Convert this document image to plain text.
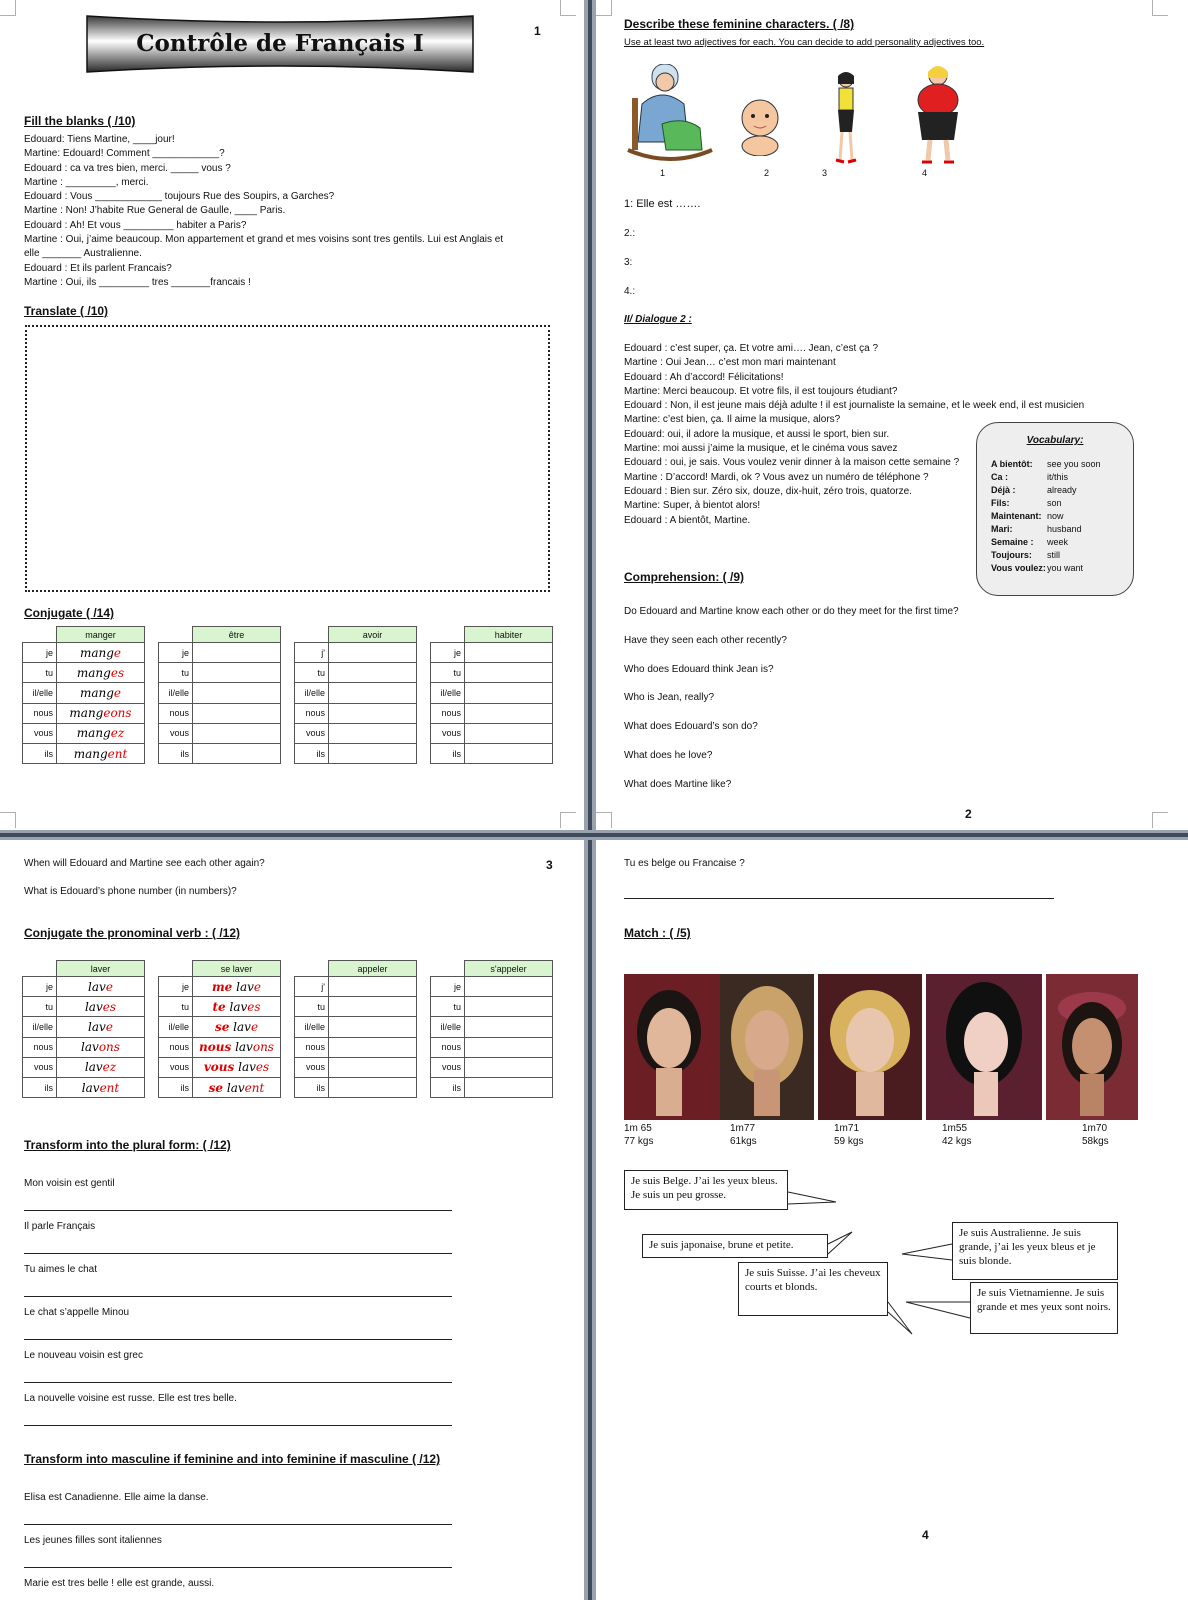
Contrôle de Français I	1
Fill the blanks ( /10)
Edouard: Tiens Martine, ____jour!
Martine: Edouard! Comment ____________?
Edouard : ca va tres bien, merci. _____ vous ?
Martine : _________, merci.
Edouard : Vous ____________ toujours Rue des Soupirs, a Garches?
Martine : Non! J’habite Rue General de Gaulle, ____ Paris.
Edouard : Ah! Et vous _________ habiter a Paris?
Martine : Oui, j’aime beaucoup. Mon appartement et grand et mes voisins sont tres gentils. Lui est Anglais et
elle _______ Australienne.
Edouard : Et ils parlent Francais?
Martine : Oui, ils _________ tres _______francais !
Translate ( /10)
Conjugate ( /14)
	manger
je	mange
tu	manges
il/elle	mange
nous	mangeons
vous	mangez
ils	mangent
	être
je	
tu	
il/elle	
nous	
vous	
ils	
	avoir
j'	
tu	
il/elle	
nous	
vous	
ils	
	habiter
je	
tu	
il/elle	
nous	
vous	
ils	
Describe these feminine characters. ( /8)
Use at least two adjectives for each. You can decide to add personality adjectives too.
1	2	3	4
1: Elle est …….
2.:
3:
4.:
II/ Dialogue 2 :
Edouard : c’est super, ça. Et votre ami…. Jean, c’est ça ?
Martine : Oui Jean… c’est mon mari maintenant
Edouard : Ah d’accord! Félicitations!
Martine: Merci beaucoup. Et votre fils, il est toujours étudiant?
Edouard : Non, il est jeune mais déjà adulte ! il est journaliste la semaine, et le week end, il est musicien
Martine: c’est bien, ça. Il aime la musique, alors?
Edouard: oui, il adore la musique, et aussi le sport, bien sur.
Martine: moi aussi j’aime la musique, et le cinéma vous savez
Edouard : oui, je sais. Vous voulez venir dinner à la maison cette semaine ?
Martine : D’accord! Mardi, ok ? Vous avez un numéro de téléphone ?
Edouard : Bien sur. Zéro six, douze, dix-huit, zéro trois, quatorze.
Martine: Super, à bientot alors!
Edouard : A bientôt, Martine.
Vocabulary:
A bientôt:	see you soon
Ca :	it/this
Déjà :	already
Fils:	son
Maintenant: now
Mari:	husband
Semaine :	week
Toujours:	still
Vous voulez: you want
Comprehension: ( /9)
Do Edouard and Martine know each other or do they meet for the first time?
Have they seen each other recently?
Who does Edouard think Jean is?
Who is Jean, really?
What does Edouard’s son do?
What does he love?
What does Martine like?
2
When will Edouard and Martine see each other again?
What is Edouard’s phone number (in numbers)?
3
Conjugate the pronominal verb : ( /12)
Transform into the plural form: ( /12)
Mon voisin est gentil
Il parle Français
Tu aimes le chat
Le chat s’appelle Minou
Le nouveau voisin est grec
La nouvelle voisine est russe. Elle est tres belle.
Transform into masculine if feminine and into feminine if masculine ( /12)
Elisa est Canadienne. Elle aime la danse.
Les jeunes filles sont italiennes
Marie est tres belle ! elle est grande, aussi.
	laver
je	lave
tu	laves
il/elle	lave
nous	lavons
vous	lavez
ils	lavent
	se laver
je	me lave
tu	te laves
il/elle	se lave
nous	nous lavons
vous	vous laves
ils	se lavent
	appeler
j'	
tu	
il/elle	
nous	
vous	
ils	
	s'appeler
je	
tu	
il/elle	
nous	
vous	
ils	
Tu es belge ou Francaise ?
Match : ( /5)
1m 65
77 kgs
1m77
61kgs
1m71
59 kgs
1m55
42 kgs
1m70
58kgs
Je suis Belge. J’ai les yeux bleus. Je suis un peu grosse.
Je suis japonaise, brune et petite.
Je suis Suisse. J’ai les cheveux courts et blonds.
Je suis Australienne. Je suis grande, j’ai les yeux bleus et je suis blonde.
Je suis Vietnamienne. Je suis grande et mes yeux sont noirs.
4
